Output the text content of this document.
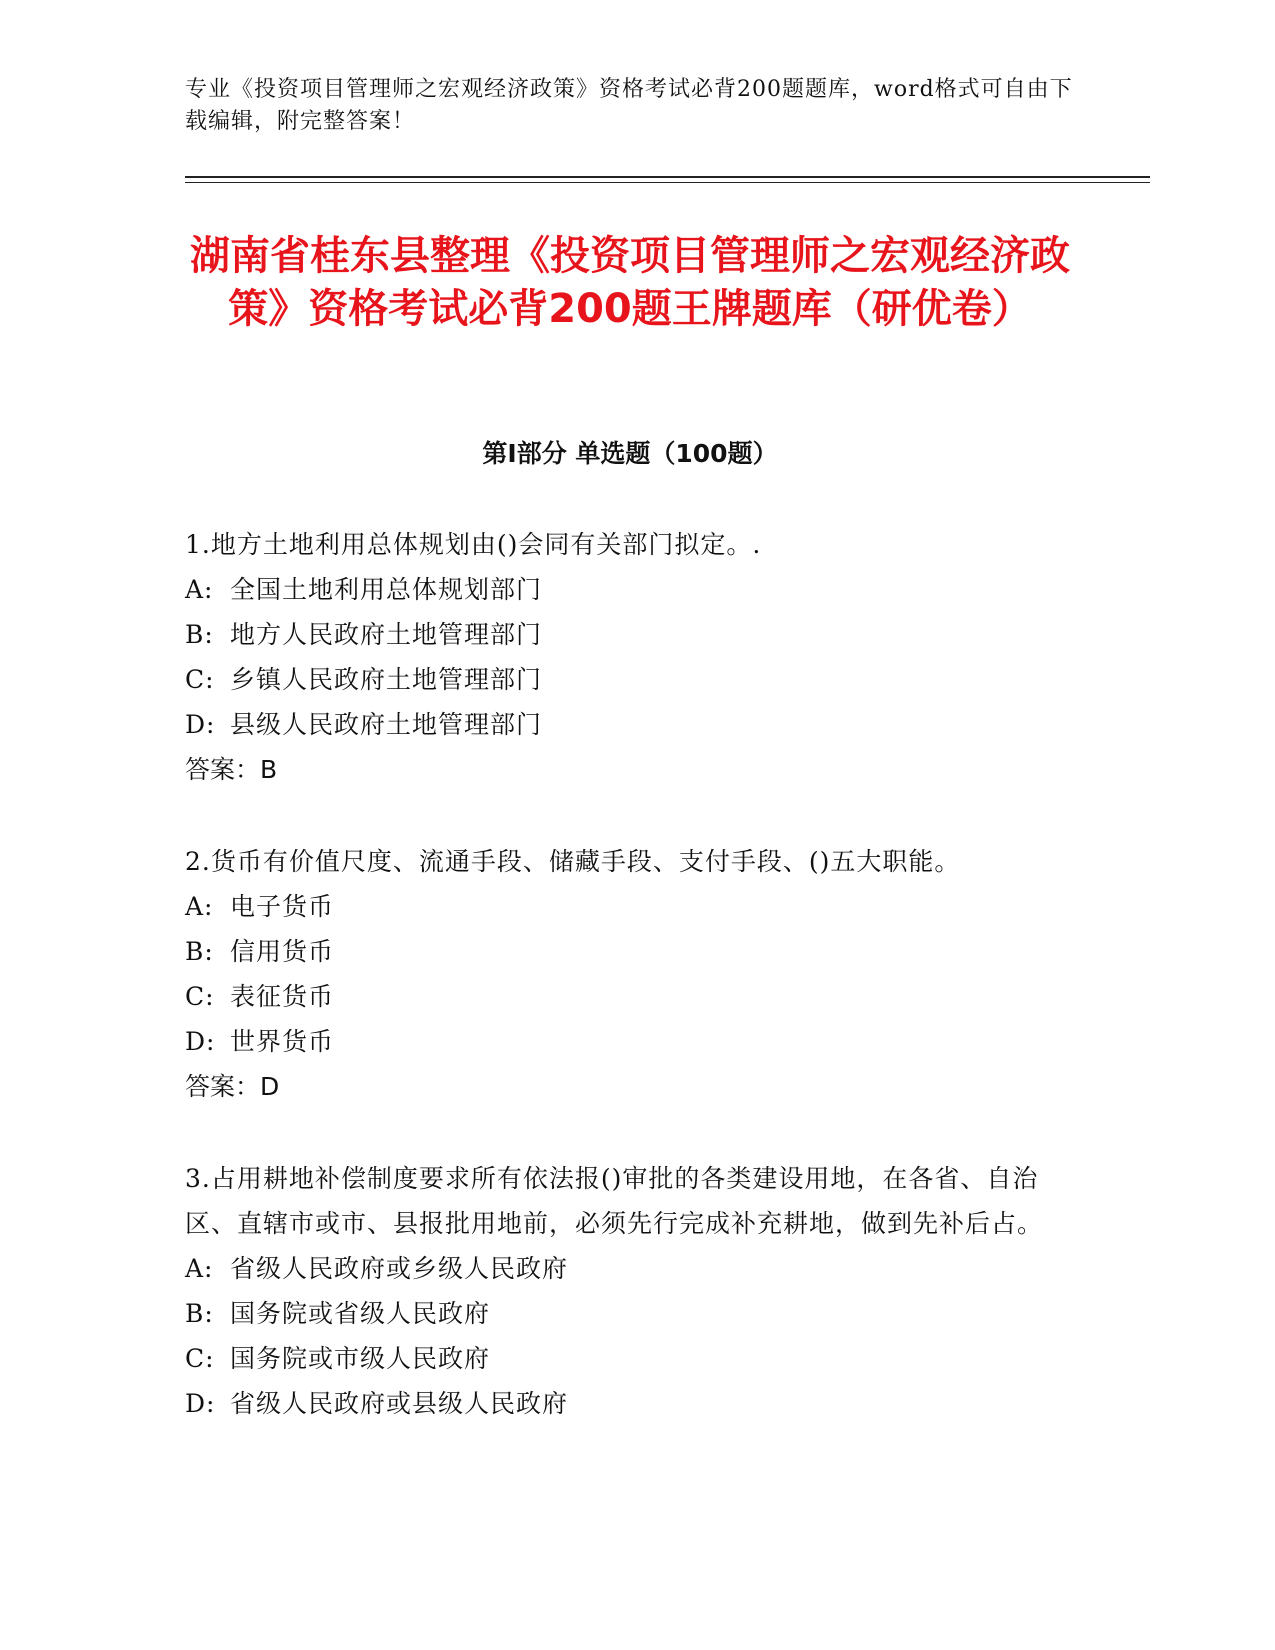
专业《投资项目管理师之宏观经济政策》资格考试必背200题题库，word格式可自由下载编辑，附完整答案！
湖南省桂东县整理《投资项目管理师之宏观经济政策》资格考试必背200题王牌题库（研优卷）
第Ⅰ部分 单选题（100题）

1.地方土地利用总体规划由()会同有关部门拟定。.

A: 全国土地利用总体规划部门

B: 地方人民政府土地管理部门

C: 乡镇人民政府土地管理部门

D: 县级人民政府土地管理部门

答案：B

2.货币有价值尺度、流通手段、储藏手段、支付手段、()五大职能。

A: 电子货币

B: 信用货币

C: 表征货币

D: 世界货币

答案：D

3.占用耕地补偿制度要求所有依法报()审批的各类建设用地，在各省、自治区、直辖市或市、县报批用地前，必须先行完成补充耕地，做到先补后占。

A: 省级人民政府或乡级人民政府

B: 国务院或省级人民政府

C: 国务院或市级人民政府

D: 省级人民政府或县级人民政府
